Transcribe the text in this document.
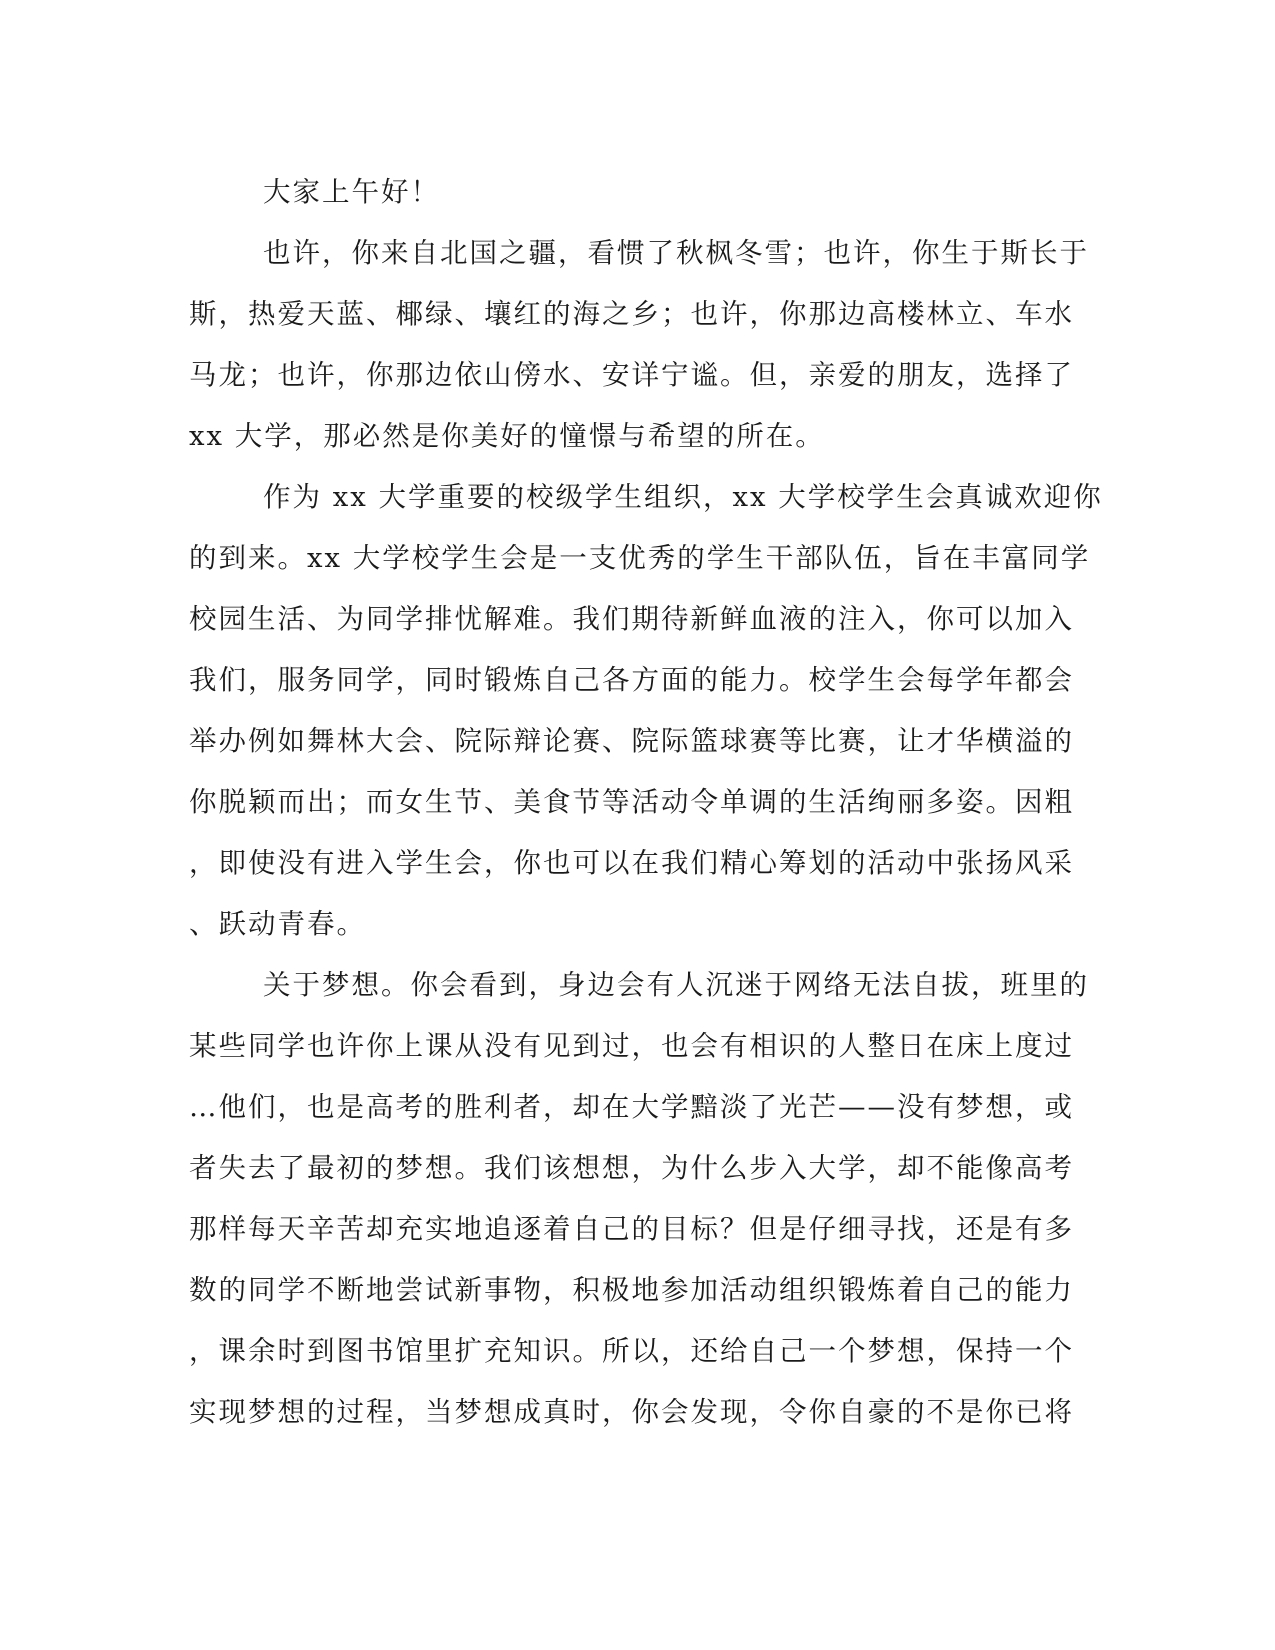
大家上午好！
也许，你来自北国之疆，看惯了秋枫冬雪；也许，你生于斯长于
斯，热爱天蓝、椰绿、壤红的海之乡；也许，你那边高楼林立、车水
马龙；也许，你那边依山傍水、安详宁谧。但，亲爱的朋友，选择了
xx 大学，那必然是你美好的憧憬与希望的所在。
作为 xx 大学重要的校级学生组织，xx 大学校学生会真诚欢迎你
的到来。xx 大学校学生会是一支优秀的学生干部队伍，旨在丰富同学
校园生活、为同学排忧解难。我们期待新鲜血液的注入，你可以加入
我们，服务同学，同时锻炼自己各方面的能力。校学生会每学年都会
举办例如舞林大会、院际辩论赛、院际篮球赛等比赛，让才华横溢的
你脱颖而出；而女生节、美食节等活动令单调的生活绚丽多姿。因粗
，即使没有进入学生会，你也可以在我们精心筹划的活动中张扬风采
、跃动青春。
关于梦想。你会看到，身边会有人沉迷于网络无法自拔，班里的
某些同学也许你上课从没有见到过，也会有相识的人整日在床上度过
…他们，也是高考的胜利者，却在大学黯淡了光芒——没有梦想，或
者失去了最初的梦想。我们该想想，为什么步入大学，却不能像高考
那样每天辛苦却充实地追逐着自己的目标？但是仔细寻找，还是有多
数的同学不断地尝试新事物，积极地参加活动组织锻炼着自己的能力
，课余时到图书馆里扩充知识。所以，还给自己一个梦想，保持一个
实现梦想的过程，当梦想成真时，你会发现，令你自豪的不是你已将
